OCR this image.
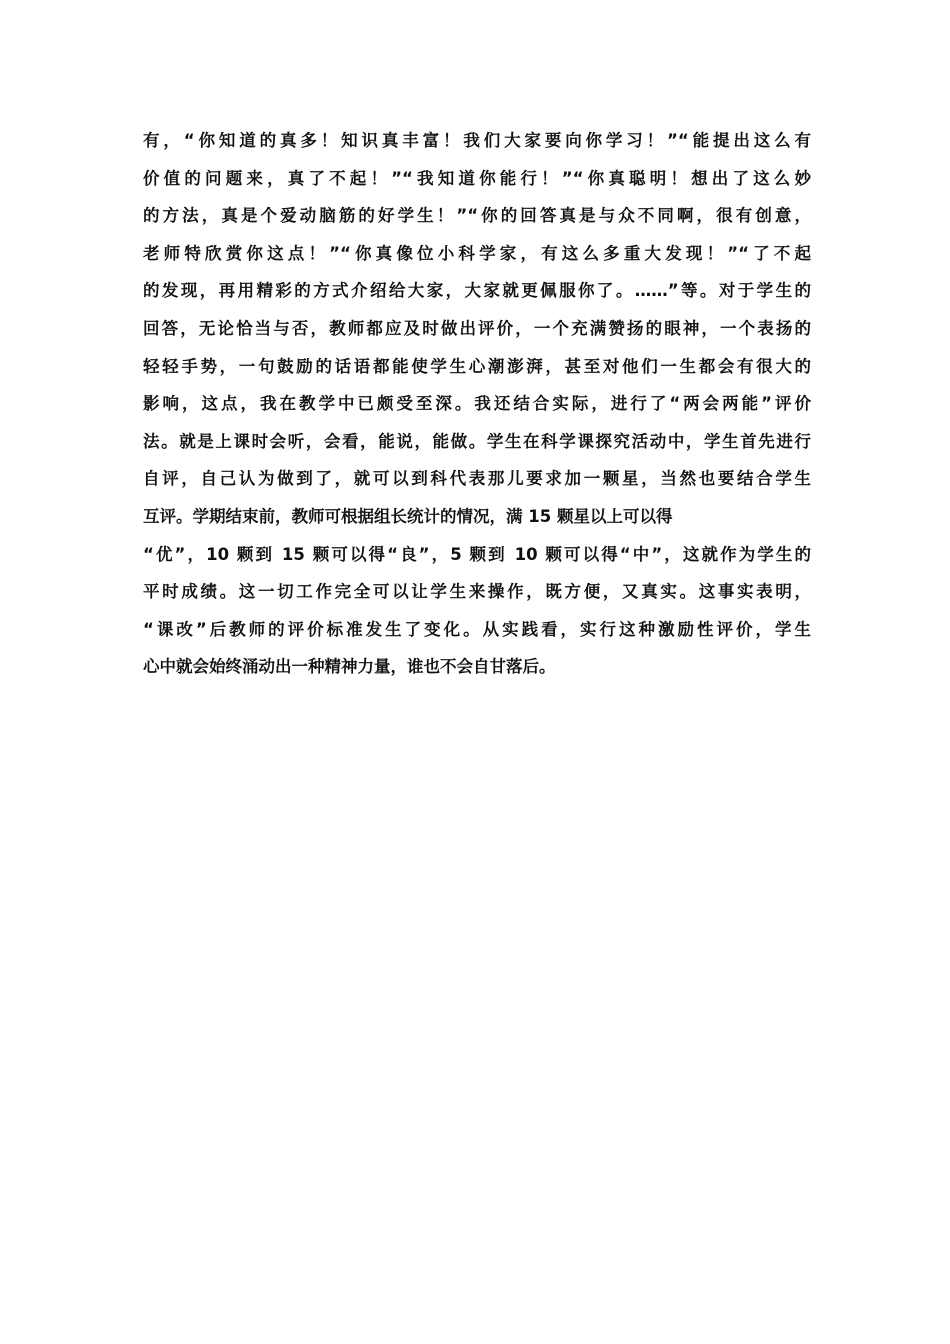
有，“你知道的真多！知识真丰富！我们大家要向你学习！”“能提出这么有
价值的问题来，真了不起！”“我知道你能行！”“你真聪明！想出了这么妙
的方法，真是个爱动脑筋的好学生！”“你的回答真是与众不同啊，很有创意，
老师特欣赏你这点！”“你真像位小科学家，有这么多重大发现！”“了不起
的发现，再用精彩的方式介绍给大家，大家就更佩服你了。……”等。对于学生的
回答，无论恰当与否，教师都应及时做出评价，一个充满赞扬的眼神，一个表扬的
轻轻手势，一句鼓励的话语都能使学生心潮澎湃，甚至对他们一生都会有很大的
影响，这点，我在教学中已颇受至深。我还结合实际，进行了“两会两能”评价
法。就是上课时会听，会看，能说，能做。学生在科学课探究活动中，学生首先进行
自评，自己认为做到了，就可以到科代表那儿要求加一颗星，当然也要结合学生
互评。学期结束前，教师可根据组长统计的情况，满 15 颗星以上可以得
“优”，10 颗到 15 颗可以得“良”，5 颗到 10 颗可以得“中”，这就作为学生的
平时成绩。这一切工作完全可以让学生来操作，既方便，又真实。这事实表明，
“课改”后教师的评价标准发生了变化。从实践看，实行这种激励性评价，学生
心中就会始终涌动出一种精神力量，谁也不会自甘落后。
